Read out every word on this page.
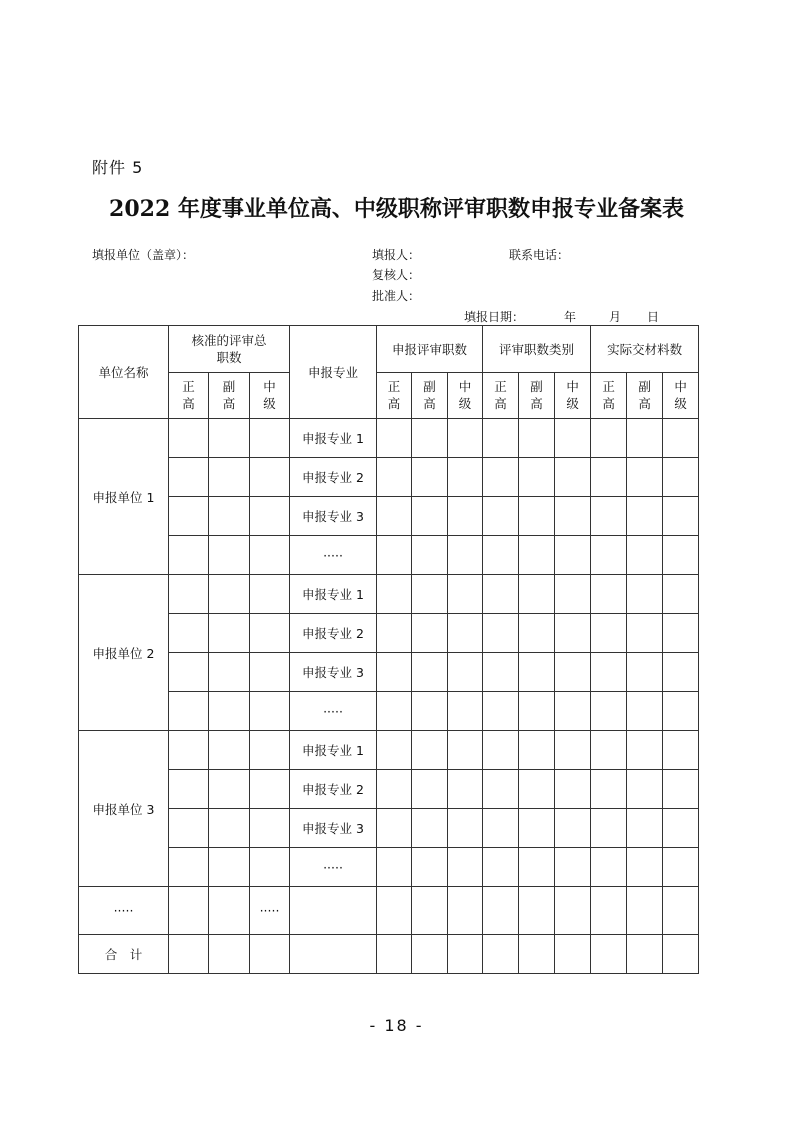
附件 5
2022 年度事业单位高、中级职称评审职数申报专业备案表
填报单位（盖章）：	填报人：	联系电话：
复核人：
批准人：
填报日期：	年	月 日
单位名称	核准的评审总职数			申报专业	申报评审职数			评审职数类别			实际交材料数		

	正高	副高	中级		正高	副高	中级	正高	副高	中级	正高	副高	中级

申报单位 1				申报专业 1									
				申报专业 2									
				申报专业 3									
				·····									
申报单位 2				申报专业 1									
				申报专业 2									
				申报专业 3									
				·····									
申报单位 3				申报专业 1									
				申报专业 2									
				申报专业 3									
				·····									
·····			·····										
合　计													
- 18 -
